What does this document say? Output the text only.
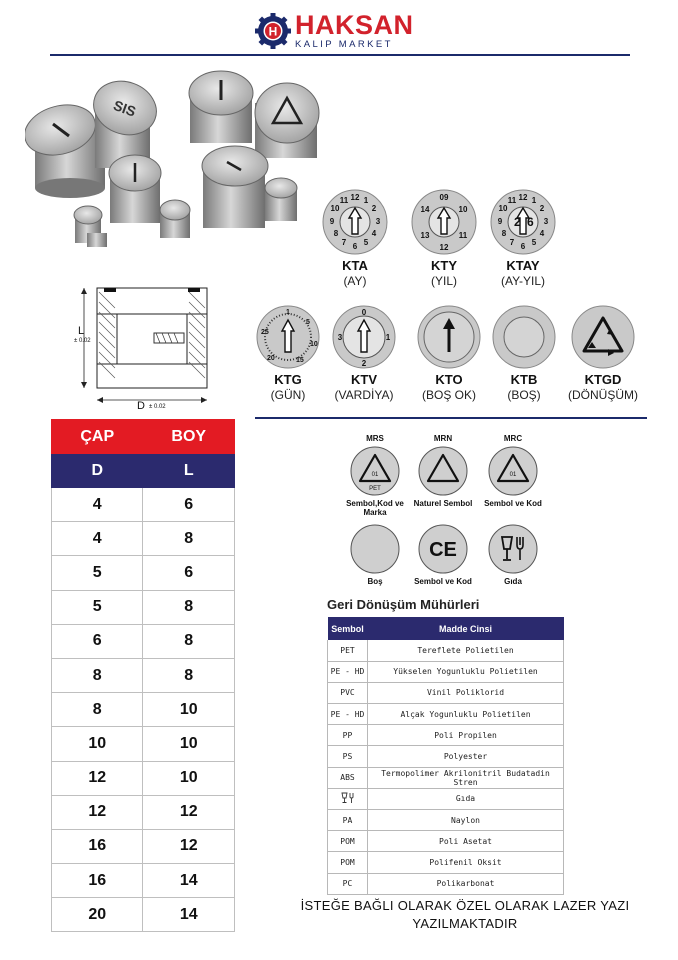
H HAKSAN
KALIP MARKET
SIS
L
± 0.02
D ± 0.02
12 1
2
3
4
5
6
7
8
9
10
11
KTA
(AY)
09
10
11
12
13
14
KTY
(YIL)
2 6
12 1
2
3
4
5
6
7
8
9
10
11
KTAY
(AY-YIL)
1
5
10
15
20
25
KTG
(GÜN)
0
1
2
3
KTV
(VARDİYA)
KTO
(BOŞ OK)
KTB
(BOŞ)
KTGD
(DÖNÜŞÜM)
ÇAP	BOY
D	L
4	6
4	8
5	6
5	8
6	8
8	8
8	10
10	10
12	10
12	12
16	12
16	14
20	14
MRS
01
PET
Sembol,Kod ve Marka
MRN
Naturel Sembol
MRC
01
Sembol ve Kod
Boş
CE
Sembol ve Kod	Gıda
Geri Dönüşüm Mühürleri
Sembol	Madde Cinsi
PET	Tereflete Polietilen
PE - HD	Yükselen Yogunluklu Polietilen
PVC	Vinil Poliklorid
PE - HD	Alçak Yogunluklu Polietilen
PP	Poli Propilen
PS	Polyester
ABS	Termopolimer Akrilonitril Budatadin Stren
	Gıda
PA	Naylon
POM	Poli Asetat
POM	Polifenil Oksit
PC	Polikarbonat
İSTEĞE BAĞLI OLARAK ÖZEL OLARAK LAZER YAZI YAZILMAKTADIR
